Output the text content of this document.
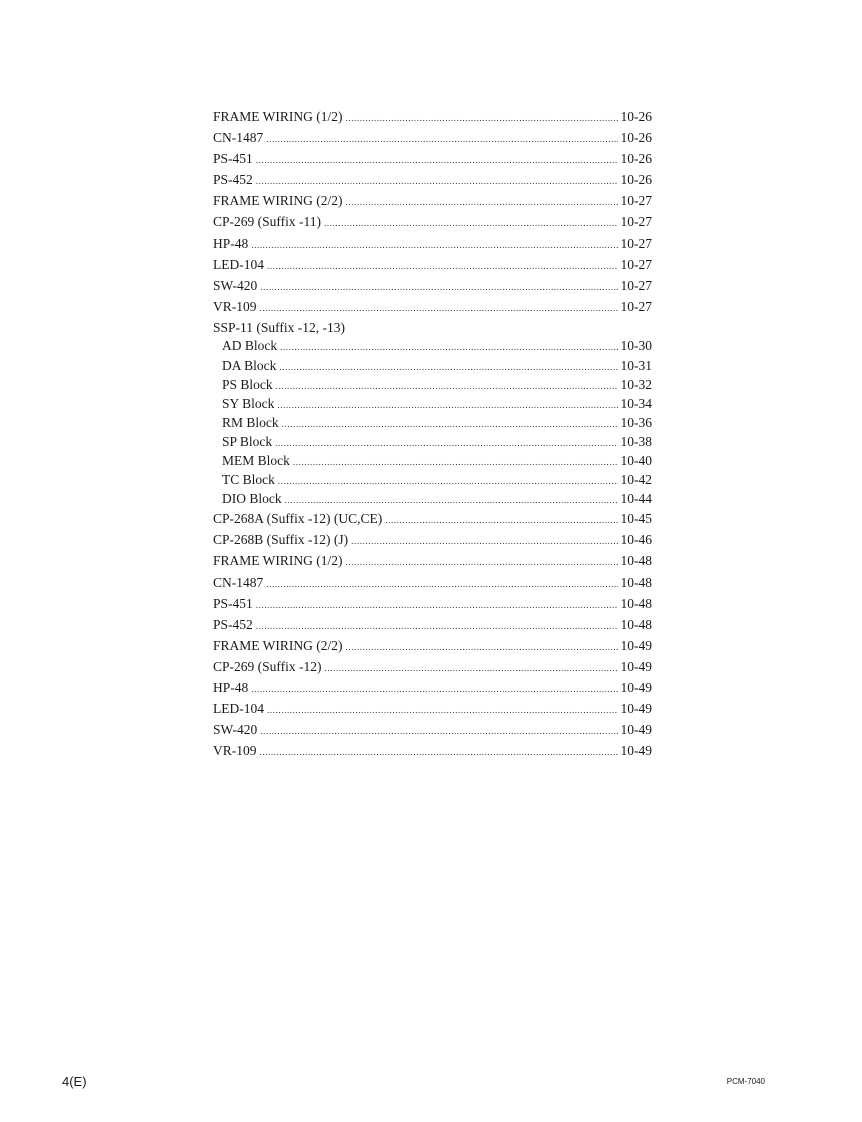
FRAME WIRING (1/2) .....	10-26
CN-1487 .....	10-26
PS-451 .....	10-26
PS-452 .....	10-26
FRAME WIRING (2/2) .....	10-27
CP-269 (Suffix -11) .....	10-27
HP-48 .....	10-27
LED-104 .....	10-27
SW-420 .....	10-27
VR-109 .....	10-27
SSP-11 (Suffix -12, -13)
AD Block .....	10-30
DA Block .....	10-31
PS Block .....	10-32
SY Block .....	10-34
RM Block .....	10-36
SP Block .....	10-38
MEM Block .....	10-40
TC Block .....	10-42
DIO Block .....	10-44
CP-268A (Suffix -12) (UC,CE) .....	10-45
CP-268B (Suffix -12) (J) .....	10-46
FRAME WIRING (1/2) .....	10-48
CN-1487 .....	10-48
PS-451 .....	10-48
PS-452 .....	10-48
FRAME WIRING (2/2) .....	10-49
CP-269 (Suffix -12) .....	10-49
HP-48 .....	10-49
LED-104 .....	10-49
SW-420 .....	10-49
VR-109 .....	10-49
4(E)	PCM-7040
